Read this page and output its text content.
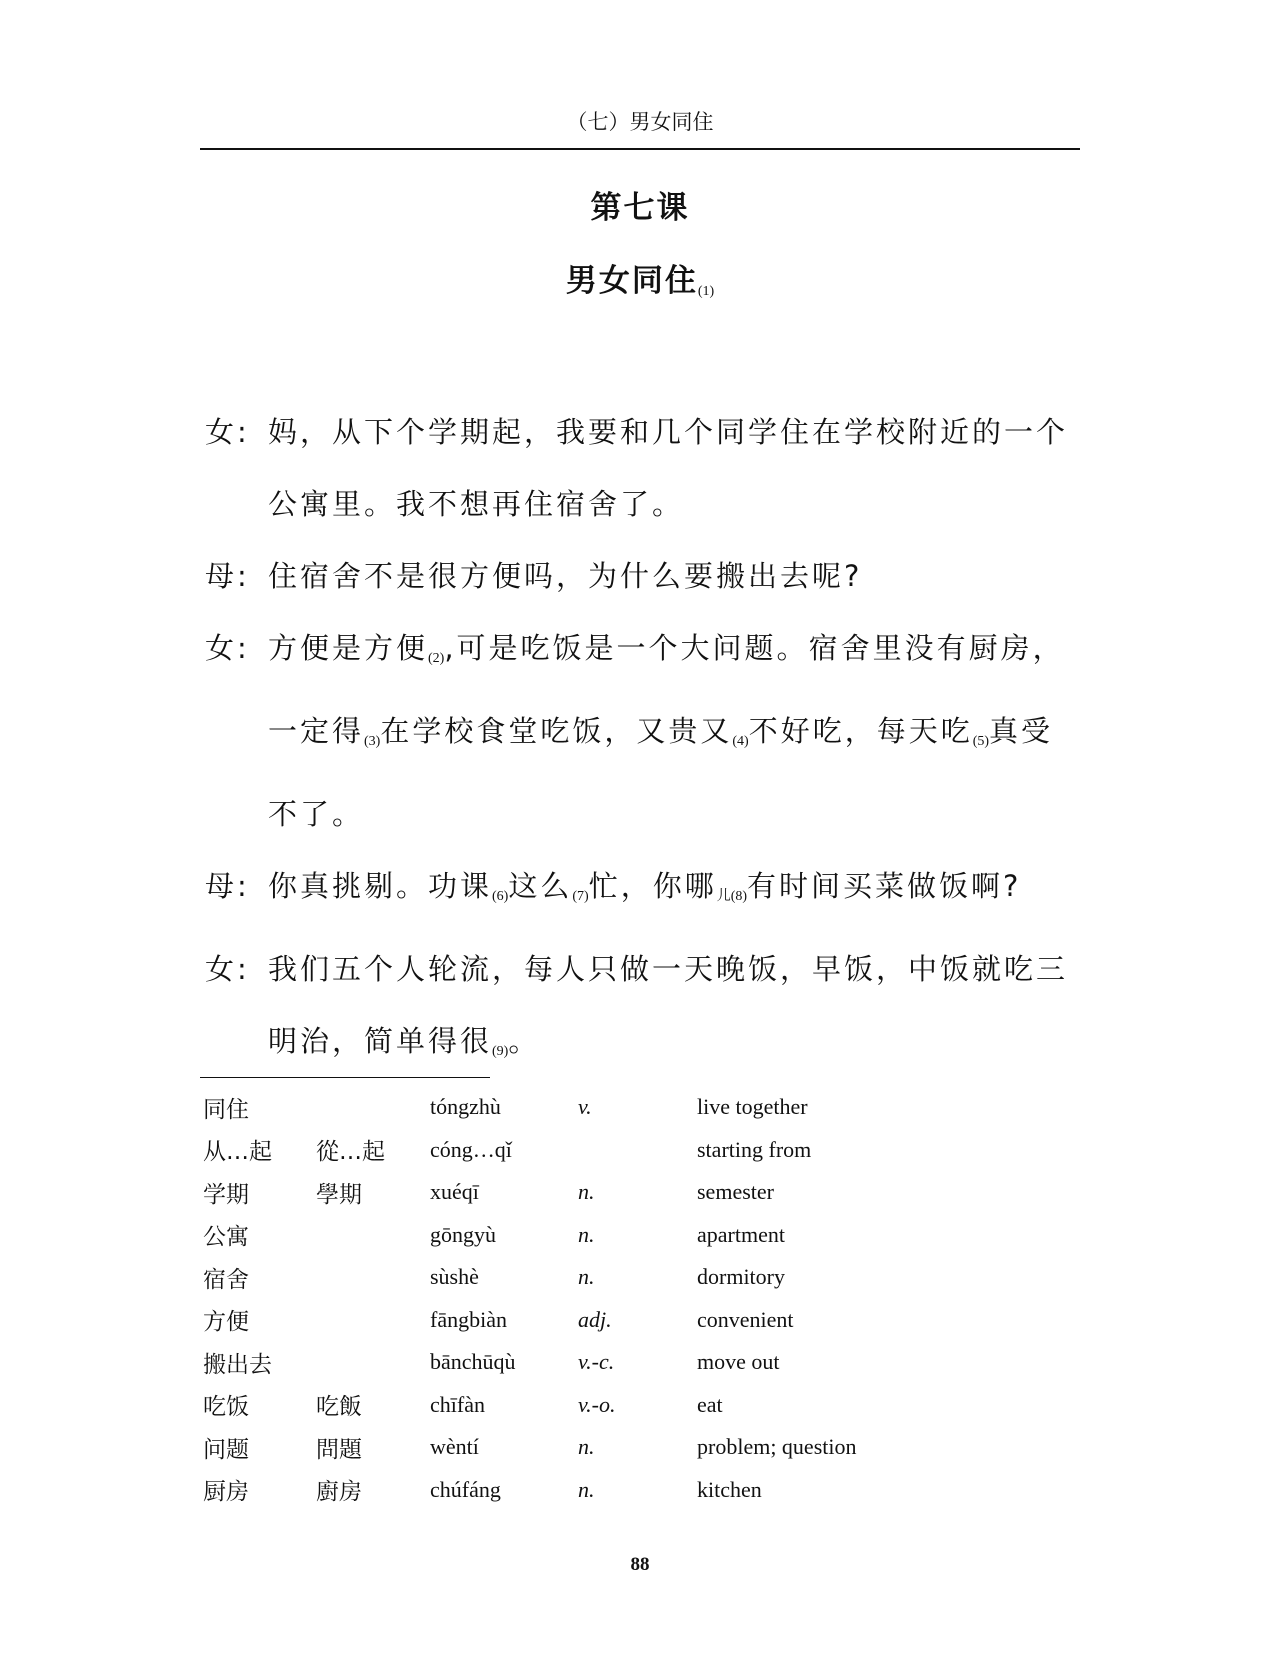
（七）男女同住
第七课
男女同住$_{(1)}$

女: 妈，从下个学期起，我要和几个同学住在学校附近的一个公寓里。我不想再住宿舍了。

母: 住宿舍不是很方便吗，为什么要搬出去呢?

女: 方便是方便$_{(2)}$,可是吃饭是一个大问题。宿舍里没有厨房，一定得$_{(3)}$在学校食堂吃饭，又贵又$_{(4)}$不好吃，每天吃$_{(5)}$真受不了。

母: 你真挑剔。功课$_{(6)}$这么$_{(7)}$忙，你哪$_{儿(8)}$有时间买菜做饭啊?

女: 我们五个人轮流，每人只做一天晚饭，早饭，中饭就吃三明治，简单得很$_{(9)}$。

同住		tóngzhù	v.	live together
从…起	從…起	cóng…qǐ		starting from
学期	學期	xuéqī	n.	semester
公寓		gōngyù	n.	apartment
宿舍		sùshè	n.	dormitory
方便		fāngbiàn	adj.	convenient
搬出去		bānchūqù	v.-c.	move out
吃饭	吃飯	chīfàn	v.-o.	eat
问题	問題	wèntí	n.	problem; question
厨房	廚房	chúfáng	n.	kitchen
88
